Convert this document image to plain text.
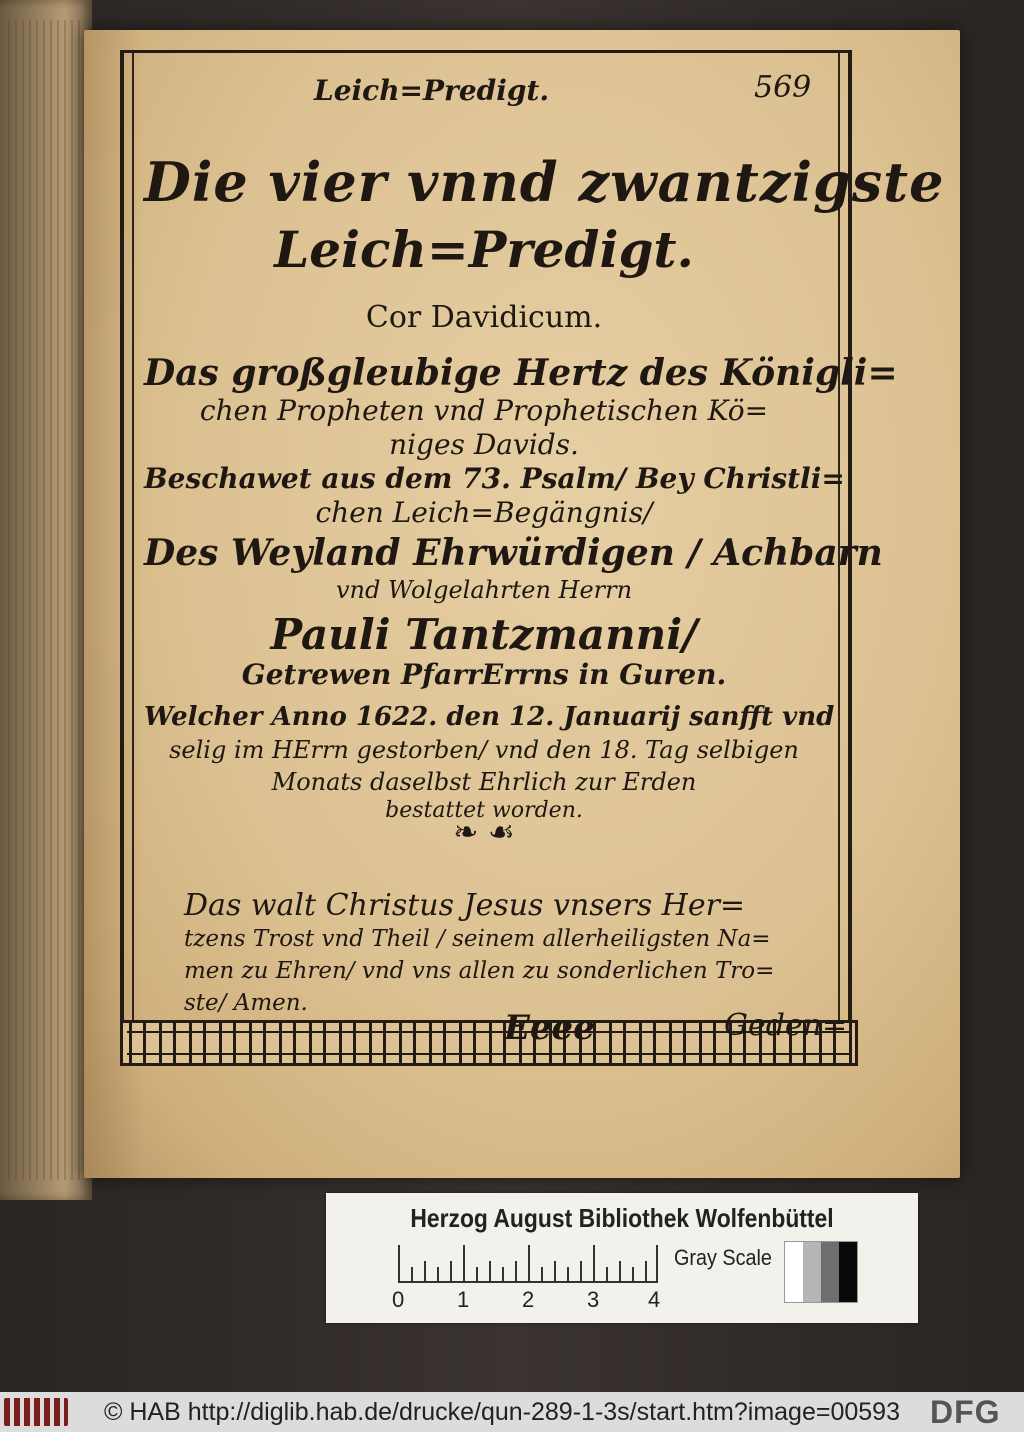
Leich=Predigt.	569
Die vier vnnd zwantzigste
Leich=Predigt.
Cor Davidicum.
Das großgleubige Hertz des Königli=
chen Propheten vnd Prophetischen Kö=
niges Davids.
Beschawet aus dem 73. Psalm/ Bey Christli=
chen Leich=Begängnis/
Des Weyland Ehrwürdigen / Achbarn
vnd Wolgelahrten Herrn
Pauli Tantzmanni/
Getrewen PfarrErrns in Guren.
Welcher Anno 1622. den 12. Januarij sanfft vnd
selig im HErrn gestorben/ vnd den 18. Tag selbigen
Monats daselbst Ehrlich zur Erden
bestattet worden.
❧ ☙
Das walt Christus Jesus vnsers Her=
tzens Trost vnd Theil / seinem allerheiligsten Na=
men zu Ehren/ vnd vns allen zu sonderlichen Tro=
ste/ Amen.
Eeee	Geden=
Herzog August Bibliothek Wolfenbüttel
0 1 2 3 4
Gray Scale
© HAB http://diglib.hab.de/drucke/qun-289-1-3s/start.htm?image=00593 DFG
